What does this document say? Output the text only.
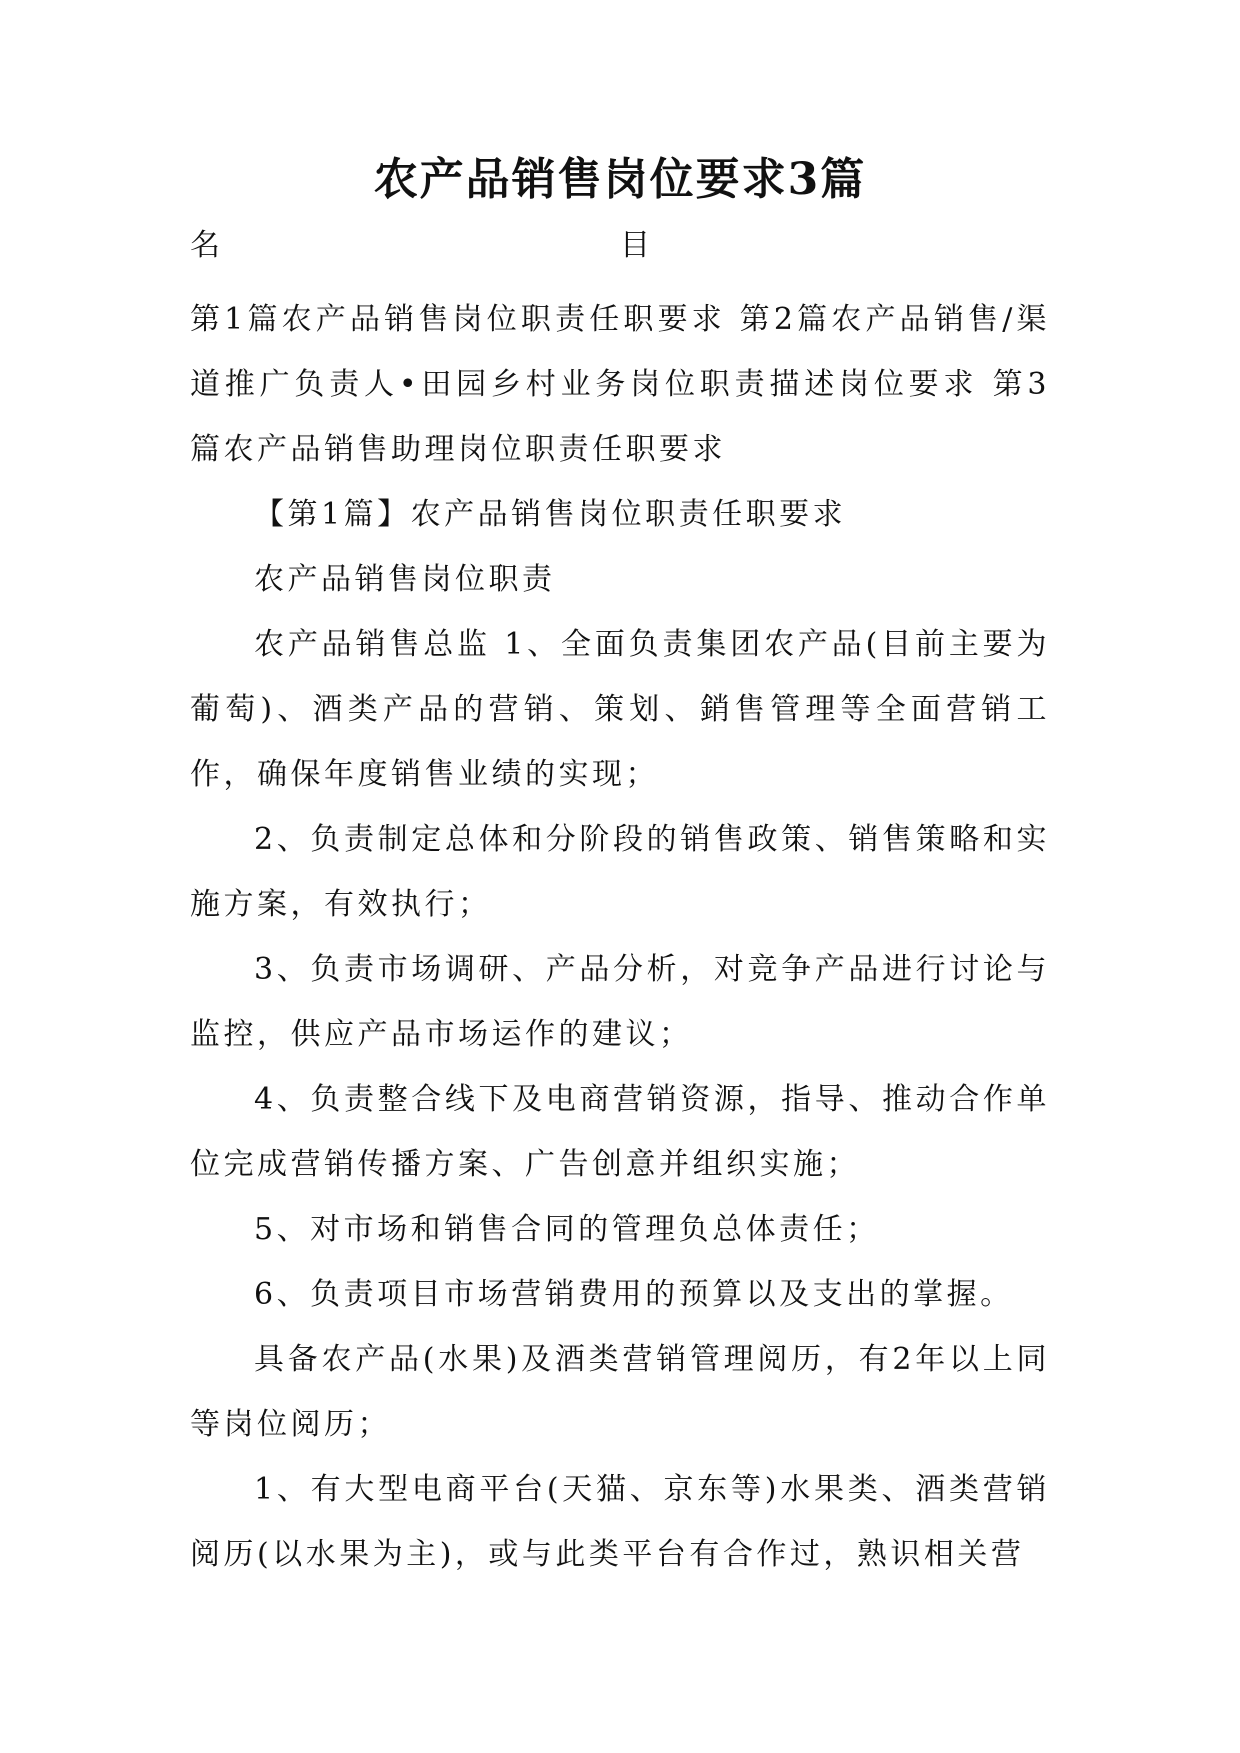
农产品销售岗位要求3篇
名	目

第1篇农产品销售岗位职责任职要求 第2篇农产品销售/渠道推广负责人•田园乡村业务岗位职责描述岗位要求 第3篇农产品销售助理岗位职责任职要求

【第1篇】农产品销售岗位职责任职要求

农产品销售岗位职责

农产品销售总监 1、全面负责集团农产品(目前主要为葡萄)、酒类产品的营销、策划、銷售管理等全面营销工作，确保年度销售业绩的实现；

2、负责制定总体和分阶段的销售政策、销售策略和实施方案，有效执行；

3、负责市场调研、产品分析，对竞争产品进行讨论与监控，供应产品市场运作的建议；

4、负责整合线下及电商营销资源，指导、推动合作单位完成营销传播方案、广告创意并组织实施；

5、对市场和销售合同的管理负总体责任；

6、负责项目市场营销费用的预算以及支出的掌握。

具备农产品(水果)及酒类营销管理阅历，有2年以上同等岗位阅历；

1、有大型电商平台(天猫、京东等)水果类、酒类营销阅历(以水果为主)，或与此类平台有合作过，熟识相关营
